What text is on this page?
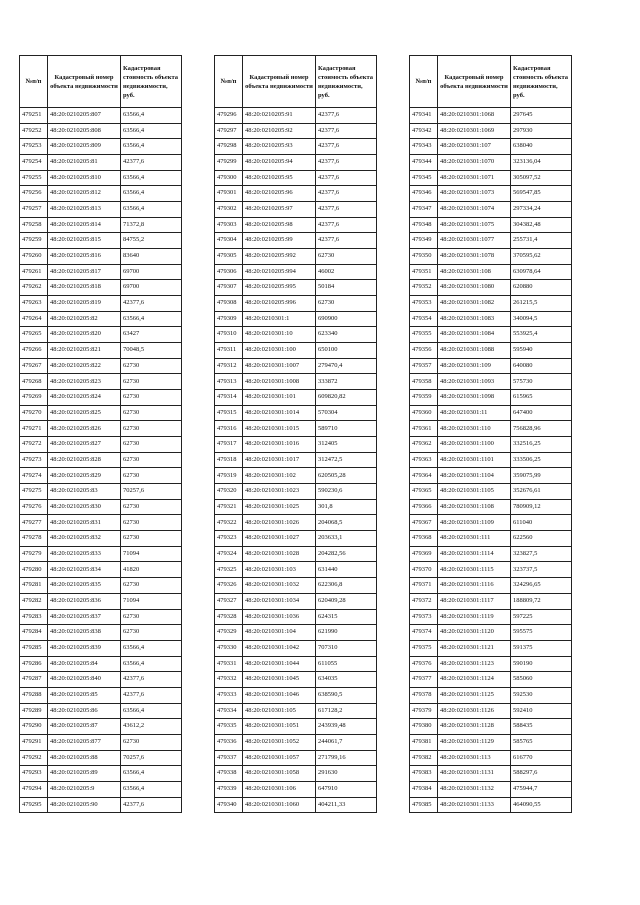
№п/п	Кадастровый номер объекта недвижимости	Кадастровая стоимость объекта недвижимости, руб.
479251	48:20:0210205:807	63566,4
479252	48:20:0210205:808	63566,4
479253	48:20:0210205:809	63566,4
479254	48:20:0210205:81	42377,6
479255	48:20:0210205:810	63566,4
479256	48:20:0210205:812	63566,4
479257	48:20:0210205:813	63566,4
479258	48:20:0210205:814	71372,8
479259	48:20:0210205:815	84755,2
479260	48:20:0210205:816	83640
479261	48:20:0210205:817	69700
479262	48:20:0210205:818	69700
479263	48:20:0210205:819	42377,6
479264	48:20:0210205:82	63566,4
479265	48:20:0210205:820	63427
479266	48:20:0210205:821	70048,5
479267	48:20:0210205:822	62730
479268	48:20:0210205:823	62730
479269	48:20:0210205:824	62730
479270	48:20:0210205:825	62730
479271	48:20:0210205:826	62730
479272	48:20:0210205:827	62730
479273	48:20:0210205:828	62730
479274	48:20:0210205:829	62730
479275	48:20:0210205:83	70257,6
479276	48:20:0210205:830	62730
479277	48:20:0210205:831	62730
479278	48:20:0210205:832	62730
479279	48:20:0210205:833	71094
479280	48:20:0210205:834	41820
479281	48:20:0210205:835	62730
479282	48:20:0210205:836	71094
479283	48:20:0210205:837	62730
479284	48:20:0210205:838	62730
479285	48:20:0210205:839	63566,4
479286	48:20:0210205:84	63566,4
479287	48:20:0210205:840	42377,6
479288	48:20:0210205:85	42377,6
479289	48:20:0210205:86	63566,4
479290	48:20:0210205:87	43612,2
479291	48:20:0210205:877	62730
479292	48:20:0210205:88	70257,6
479293	48:20:0210205:89	63566,4
479294	48:20:0210205:9	63566,4
479295	48:20:0210205:90	42377,6
№п/п	Кадастровый номер объекта недвижимости	Кадастровая стоимость объекта недвижимости, руб.
479296	48:20:0210205:91	42377,6
479297	48:20:0210205:92	42377,6
479298	48:20:0210205:93	42377,6
479299	48:20:0210205:94	42377,6
479300	48:20:0210205:95	42377,6
479301	48:20:0210205:96	42377,6
479302	48:20:0210205:97	42377,6
479303	48:20:0210205:98	42377,6
479304	48:20:0210205:99	42377,6
479305	48:20:0210205:992	62730
479306	48:20:0210205:994	46002
479307	48:20:0210205:995	50184
479308	48:20:0210205:996	62730
479309	48:20:0210301:1	690900
479310	48:20:0210301:10	623340
479311	48:20:0210301:100	650100
479312	48:20:0210301:1007	279470,4
479313	48:20:0210301:1008	333872
479314	48:20:0210301:101	609820,82
479315	48:20:0210301:1014	570304
479316	48:20:0210301:1015	589710
479317	48:20:0210301:1016	312405
479318	48:20:0210301:1017	312472,5
479319	48:20:0210301:102	620505,28
479320	48:20:0210301:1023	590230,6
479321	48:20:0210301:1025	301,8
479322	48:20:0210301:1026	204068,5
479323	48:20:0210301:1027	203633,1
479324	48:20:0210301:1028	204282,56
479325	48:20:0210301:103	631440
479326	48:20:0210301:1032	622306,8
479327	48:20:0210301:1034	620409,28
479328	48:20:0210301:1036	624315
479329	48:20:0210301:104	621990
479330	48:20:0210301:1042	707310
479331	48:20:0210301:1044	611055
479332	48:20:0210301:1045	634035
479333	48:20:0210301:1046	638590,5
479334	48:20:0210301:105	617128,2
479335	48:20:0210301:1051	243939,48
479336	48:20:0210301:1052	244061,7
479337	48:20:0210301:1057	271799,16
479338	48:20:0210301:1058	291630
479339	48:20:0210301:106	647910
479340	48:20:0210301:1060	404211,33
№п/п	Кадастровый номер объекта недвижимости	Кадастровая стоимость объекта недвижимости, руб.
479341	48:20:0210301:1068	297645
479342	48:20:0210301:1069	297930
479343	48:20:0210301:107	638040
479344	48:20:0210301:1070	323136,04
479345	48:20:0210301:1071	305097,52
479346	48:20:0210301:1073	569547,85
479347	48:20:0210301:1074	297334,24
479348	48:20:0210301:1075	304382,48
479349	48:20:0210301:1077	255731,4
479350	48:20:0210301:1078	370595,62
479351	48:20:0210301:108	630978,64
479352	48:20:0210301:1080	620880
479353	48:20:0210301:1082	261215,5
479354	48:20:0210301:1083	340094,5
479355	48:20:0210301:1084	553925,4
479356	48:20:0210301:1088	595940
479357	48:20:0210301:109	640080
479358	48:20:0210301:1093	575730
479359	48:20:0210301:1098	615965
479360	48:20:0210301:11	647400
479361	48:20:0210301:110	756828,96
479362	48:20:0210301:1100	332516,25
479363	48:20:0210301:1101	333506,25
479364	48:20:0210301:1104	359075,99
479365	48:20:0210301:1105	352676,61
479366	48:20:0210301:1108	780909,12
479367	48:20:0210301:1109	611040
479368	48:20:0210301:111	622560
479369	48:20:0210301:1114	323827,5
479370	48:20:0210301:1115	323737,5
479371	48:20:0210301:1116	324296,65
479372	48:20:0210301:1117	188809,72
479373	48:20:0210301:1119	597225
479374	48:20:0210301:1120	595575
479375	48:20:0210301:1121	591375
479376	48:20:0210301:1123	590190
479377	48:20:0210301:1124	585060
479378	48:20:0210301:1125	592530
479379	48:20:0210301:1126	592410
479380	48:20:0210301:1128	588435
479381	48:20:0210301:1129	585765
479382	48:20:0210301:113	616770
479383	48:20:0210301:1131	588297,6
479384	48:20:0210301:1132	475944,7
479385	48:20:0210301:1133	464090,55
